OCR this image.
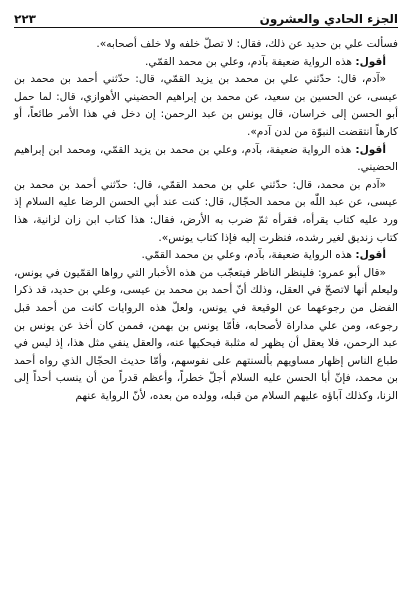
الجزء الحادي والعشرون
٢٢٣

فسألت علي بن حديد عن ذلك، فقال: لا تصلّ خلفه ولا خلف أصحابه».

أقول: هذه الرواية ضعيفة بآدم، وعلي بن محمد القمّي.

«آدم، قال: حدّثني علي بن محمد بن يزيد القمّي، قال: حدّثني أحمد بن محمد بن عيسى، عن الحسين بن سعيد، عن محمد بن إبراهيم الحضيني الأهوازي، قال: لما حمل أبو الحسن إلى خراسان، قال يونس بن عبد الرحمن: إن دخل في هذا الأمر طائعاً، أو كارهاً انتقضت النبوّة من لدن آدم».

أقول: هذه الرواية ضعيفة، بآدم، وعلي بن محمد بن يزيد القمّي، ومحمد ابن إبراهيم الحضيني.

«آدم بن محمد، قال: حدّثني علي بن محمد القمّي، قال: حدّثني أحمد بن محمد بن عيسى، عن عبد اللّٰه بن محمد الحجّال، قال: كنت عند أبي الحسن الرضا عليه السلام إذ ورد عليه كتاب يقرأه، فقرأه ثمّ ضرب به الأرض، فقال: هذا كتاب ابن زان لزانية، هذا كتاب زنديق لغير رشده، فنظرت إليه فإذا كتاب يونس».

أقول: هذه الرواية ضعيفة، بآدم، وعلي بن محمد القمّي.

«قال أبو عمرو: فلينظر الناظر فيتعجّب من هذه الأخبار التي رواها القمّيون في يونس، وليعلم أنها لاتصحّ في العقل، وذلك أنّ أحمد بن محمد بن عيسى، وعلي بن حديد، قد ذكرا الفضل من رجوعهما عن الوقيعة في يونس، ولعلّ هذه الروايات كانت من أحمد قبل رجوعه، ومن علي مداراة لأصحابه، فأمّا يونس بن بهمن، فممن كان أخذ عن يونس بن عبد الرحمن، فلا يعقل أن يظهر له مثلبة فيحكيها عنه، والعقل ينفي مثل هذا، إذ ليس في طباع الناس إظهار مساويهم بألسنتهم على نفوسهم، وأمّا حديث الحجّال الذي رواه أحمد بن محمد، فإنّ أبا الحسن عليه السلام أجلّ خطراً، وأعظم قدراً من أن ينسب أحداً إلى الزنا، وكذلك آباؤه عليهم السلام من قبله، وولده من بعده، لأنّ الرواية عنهم
